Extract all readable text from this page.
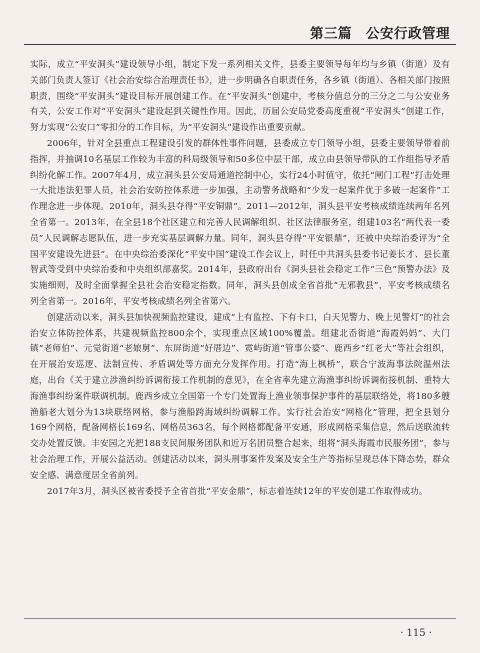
第三篇　公安行政管理

实际，成立“平安洞头”建设领导小组，制定下发一系列相关文件，县委主要领导每年均与乡镇（街道）及有关部门负责人签订《社会治安综合治理责任书》，进一步明确各自职责任务，各乡镇（街道）、各相关部门按照职责，围绕“平安洞头”建设目标开展创建工作。在“平安洞头”创建中，考核分值总分的三分之二与公安业务有关，公安工作对“平安洞头”建设起到关键性作用。因此，历届公安局党委高度重视“平安洞头”创建工作，努力实现“公安口”零扣分的工作目标，为“平安洞头”建设作出重要贡献。

2006年，针对全县重点工程建设引发的群体性事件问题，县委成立专门领导小组，县委主要领导带着前指挥，并抽调10名基层工作较为丰富的科局级领导和50多位中层干部，成立由县领导带队的工作组指导矛盾纠纷化解工作。2007年4月，成立洞头县公安局通道控制中心，实行24小时值守，依托“闸门工程”打击处理一大批违法犯罪人员，社会治安防控体系进一步加强，主动警务战略和“少发一起案件优于多破一起案件”工作理念进一步体现。2010年，洞头县夺得“平安铜鼎”。2011—2012年，洞头县平安考核成绩连续两年名列全省第一。2013年，在全县18个社区建立和完善人民调解组织、社区法律服务室，组建103名“两代表一委员”人民调解志愿队伍，进一步充实基层调解力量。同年，洞头县夺得“平安银鼎”，还被中央综治委评为“全国平安建设先进县”。在中央综治委深化“平安中国”建设工作会议上，时任中共洞头县委书记姜长才、县长董智武等受到中央综治委和中央组织部嘉奖。2014年，县政府出台《洞头县社会稳定工作“三色”预警办法》及实施细则，及时全面掌握全县社会治安稳定指数。同年，洞头县创成全省首批“无邪教县”，平安考核成绩名列全省第一。2016年，平安考核成绩名列全省第六。

创建活动以来，洞头县加快视频监控建设，建成“上有监控、下有卡口，白天见警力、晚上见警灯”的社会治安立体防控体系，共建视频监控800余个，实现重点区域100%覆盖。组建北岙街道“海霞妈妈”、大门镇“老师伯”、元觉街道“老娘舅”、东屏街道“好厝边”、霓屿街道“管事公婆”、鹿西乡“红老大”等社会组织，在开展治安巡逻、法制宣传、矛盾调处等方面充分发挥作用。打造“海上枫桥”，联合宁波海事法院温州法庭，出台《关于建立涉渔纠纷诉调衔接工作机制的意见》，在全省率先建立海渔事纠纷诉调衔接机制、重特大海渔事纠纷案件联调机制。鹿西乡成立全国第一个专门处置海上渔业领事保护事件的基层联络处，将180多艘渔船老大划分为13块联络网格，参与渔船跨海域纠纷调解工作。实行社会治安“网格化”管理，把全县划分169个网格，配备网格长169名、网格员363名，每个网格都配备平安通，形成网格采集信息，然后送联流转交办处置反馈。丰安园之光把188支民间服务团队和近万名团员整合起来，组将“洞头海霞市民服务团”，参与社会治理工作，开展公益活动。创建活动以来，洞头刑事案件发案及安全生产等指标呈现总体下降态势，群众安全感、满意度居全省前列。

2017年3月，洞头区被省委授予全省首批“平安金鼎”，标志着连续12年的平安创建工作取得成功。

· 115 ·
